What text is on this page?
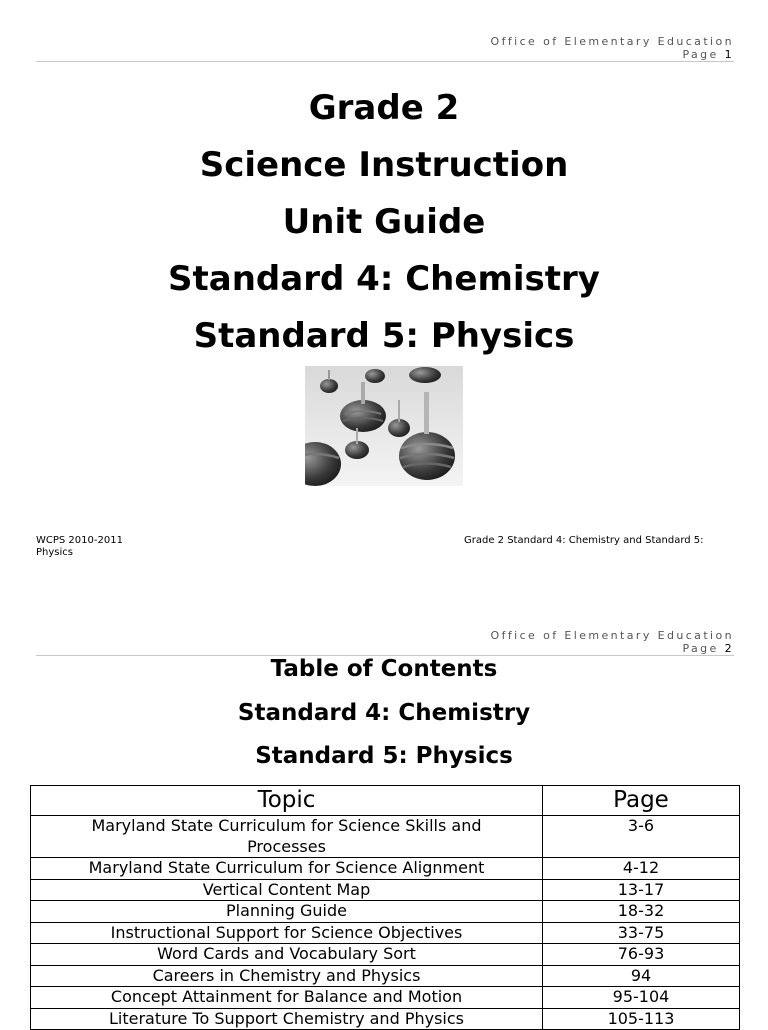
Office of Elementary Education
Page 1
Grade 2
Science Instruction
Unit Guide
Standard 4: Chemistry
Standard 5: Physics
WCPS 2010-2011
Physics
Grade 2 Standard 4: Chemistry and Standard 5:
Office of Elementary Education
Page 2
Table of Contents
Standard 4: Chemistry
Standard 5: Physics
Topic	Page
Maryland State Curriculum for Science Skills and Processes	3-6
Maryland State Curriculum for Science Alignment	4-12
Vertical Content Map	13-17
Planning Guide	18-32
Instructional Support for Science Objectives	33-75
Word Cards and Vocabulary Sort	76-93
Careers in Chemistry and Physics	94
Concept Attainment for Balance and Motion	95-104
Literature To Support Chemistry and Physics	105-113
